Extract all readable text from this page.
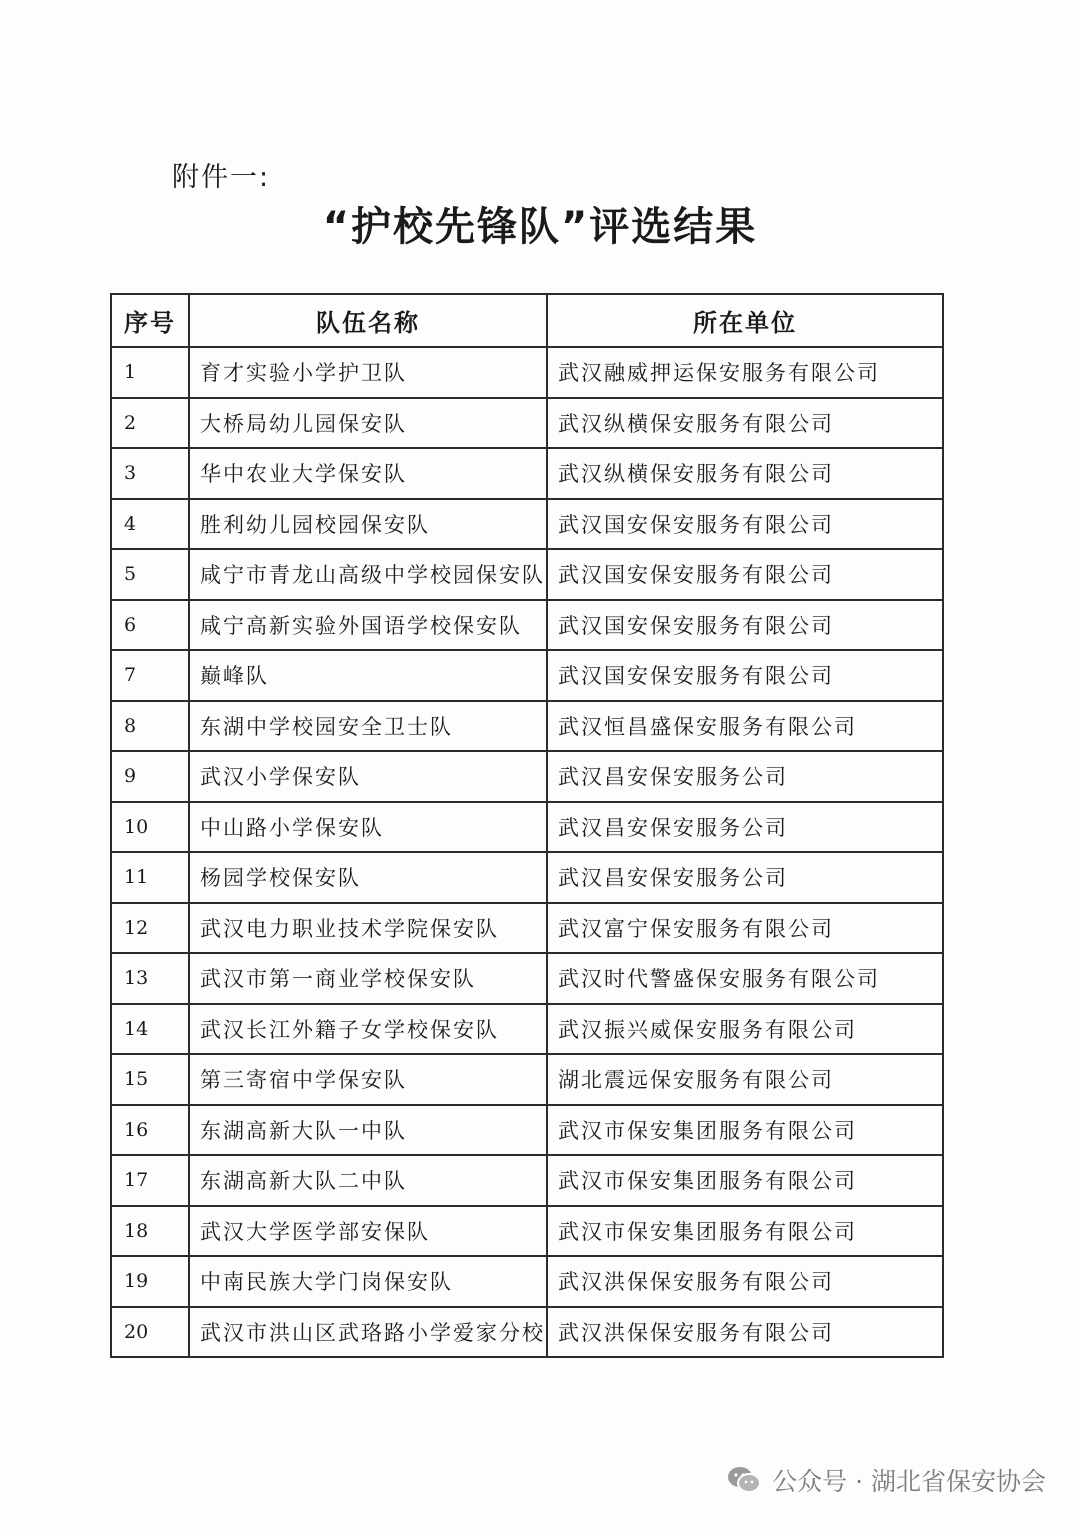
附件一:
“护校先锋队”评选结果
序号	队伍名称	所在单位
1	育才实验小学护卫队	武汉融威押运保安服务有限公司
2	大桥局幼儿园保安队	武汉纵横保安服务有限公司
3	华中农业大学保安队	武汉纵横保安服务有限公司
4	胜利幼儿园校园保安队	武汉国安保安服务有限公司
5	咸宁市青龙山高级中学校园保安队	武汉国安保安服务有限公司
6	咸宁高新实验外国语学校保安队	武汉国安保安服务有限公司
7	巅峰队	武汉国安保安服务有限公司
8	东湖中学校园安全卫士队	武汉恒昌盛保安服务有限公司
9	武汉小学保安队	武汉昌安保安服务公司
10	中山路小学保安队	武汉昌安保安服务公司
11	杨园学校保安队	武汉昌安保安服务公司
12	武汉电力职业技术学院保安队	武汉富宁保安服务有限公司
13	武汉市第一商业学校保安队	武汉时代警盛保安服务有限公司
14	武汉长江外籍子女学校保安队	武汉振兴威保安服务有限公司
15	第三寄宿中学保安队	湖北震远保安服务有限公司
16	东湖高新大队一中队	武汉市保安集团服务有限公司
17	东湖高新大队二中队	武汉市保安集团服务有限公司
18	武汉大学医学部安保队	武汉市保安集团服务有限公司
19	中南民族大学门岗保安队	武汉洪保保安服务有限公司
20	武汉市洪山区武珞路小学爱家分校	武汉洪保保安服务有限公司
公众号 · 湖北省保安协会
